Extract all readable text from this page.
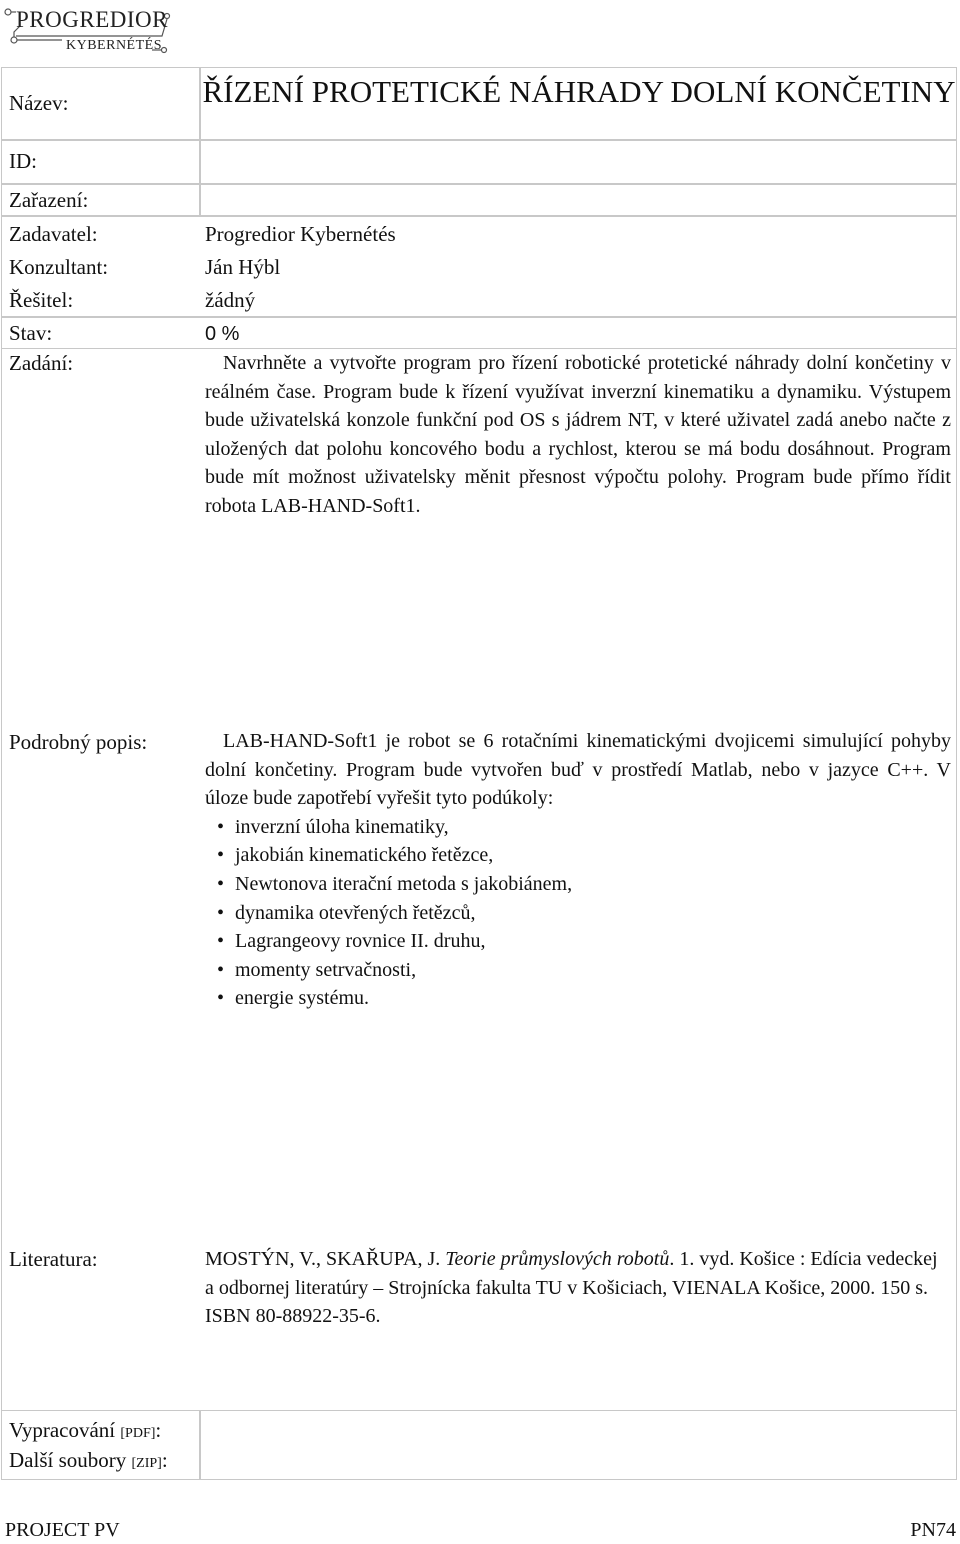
PROGREDIOR
KYBERNÉTÉS
Název:	ŘÍZENÍ PROTETICKÉ NÁHRADY DOLNÍ KONČETINY
ID:
Zařazení:
Zadavatel:	Progredior Kybernétés
Konzultant:	Ján Hýbl
Řešitel:	žádný
Stav:	0 %
Zadání:	Navrhněte a vytvořte program pro řízení robotické protetické náhrady dolní končetiny v reálném čase. Program bude k řízení využívat inverzní kinematiku a dynamiku. Výstupem bude uživatelská konzole funkční pod OS s jádrem NT, v které uživatel zadá anebo načte z uložených dat polohu koncového bodu a rychlost, kterou se má bodu dosáhnout. Program bude mít možnost uživatelsky měnit přesnost výpočtu polohy. Program bude přímo řídit robota LAB-HAND-Soft1.

Podrobný popis:	LAB-HAND-Soft1 je robot se 6 rotačními kinematickými dvojicemi simulující pohyby dolní končetiny. Program bude vytvořen buď v prostředí Matlab, nebo v jazyce C++. V úloze bude zapotřebí vyřešit tyto podúkoly:

• inverzní úloha kinematiky,
• jakobián kinematického řetězce,
• Newtonova iterační metoda s jakobiánem,
• dynamika otevřených řetězců,
• Lagrangeovy rovnice II. druhu,
• momenty setrvačnosti,
• energie systému.
Literatura:	MOSTÝN, V., SKAŘUPA, J. Teorie průmyslových robotů. 1. vyd. Košice : Edícia vedeckej a odbornej literatúry – Strojnícka fakulta TU v Košiciach, VIENALA Košice, 2000. 150 s. ISBN 80-88922-35-6.

Vypracování [PDF]:
Další soubory [ZIP]:
PROJECT PV	PN74
